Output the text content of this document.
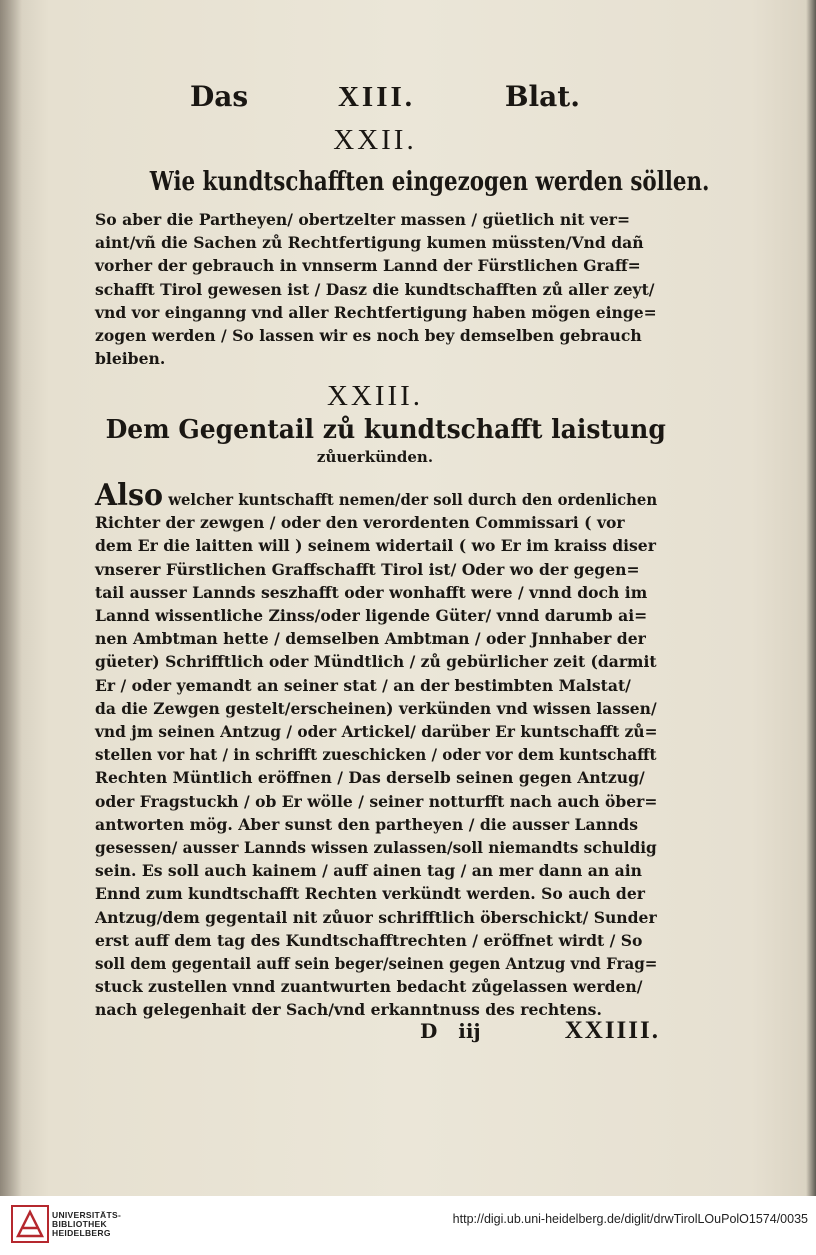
Das	XIII.	Blat.
XXII.
Wie kundtschafften eingezogen werden söllen.
So aber die Partheyen/ obertzelter massen / güetlich nit ver=
aint/vñ die Sachen zů Rechtfertigung kumen müssten/Vnd dañ
vorher der gebrauch in vnnserm Lannd der Fürstlichen Graff=
schafft Tirol gewesen ist / Dasz die kundtschafften zů aller zeyt/
vnd vor einganng vnd aller Rechtfertigung haben mögen einge=
zogen werden / So lassen wir es noch bey demselben gebrauch
bleiben.
XXIII.
Dem Gegentail zů kundtschafft laistung
zůuerkünden.
Also welcher kuntschafft nemen/der soll durch den ordenlichen
Richter der zewgen / oder den verordenten Commissari ( vor
dem Er die laitten will ) seinem widertail ( wo Er im kraiss diser
vnserer Fürstlichen Graffschafft Tirol ist/ Oder wo der gegen=
tail ausser Lannds seszhafft oder wonhafft were / vnnd doch im
Lannd wissentliche Zinss/oder ligende Güter/ vnnd darumb ai=
nen Ambtman hette / demselben Ambtman / oder Jnnhaber der
güeter) Schrifftlich oder Mündtlich / zů gebürlicher zeit (darmit
Er / oder yemandt an seiner stat / an der bestimbten Malstat/
da die Zewgen gestelt/erscheinen) verkünden vnd wissen lassen/
vnd jm seinen Antzug / oder Artickel/ darüber Er kuntschafft zů=
stellen vor hat / in schrifft zueschicken / oder vor dem kuntschafft
Rechten Müntlich eröffnen / Das derselb seinen gegen Antzug/
oder Fragstuckh / ob Er wölle / seiner notturfft nach auch öber=
antworten mög. Aber sunst den partheyen / die ausser Lannds
gesessen/ ausser Lannds wissen zulassen/soll niemandts schuldig
sein. Es soll auch kainem / auff ainen tag / an mer dann an ain
Ennd zum kundtschafft Rechten verkündt werden. So auch der
Antzug/dem gegentail nit zůuor schrifftlich öberschickt/ Sunder
erst auff dem tag des Kundtschafftrechten / eröffnet wirdt / So
soll dem gegentail auff sein beger/seinen gegen Antzug vnd Frag=
stuck zustellen vnnd zuantwurten bedacht zůgelassen werden/
nach gelegenhait der Sach/vnd erkanntnuss des rechtens.
D iij	XXIIII.
UNIVERSITÄTS-
BIBLIOTHEK
HEIDELBERG
http://digi.ub.uni-heidelberg.de/diglit/drwTirolLOuPolO1574/0035
